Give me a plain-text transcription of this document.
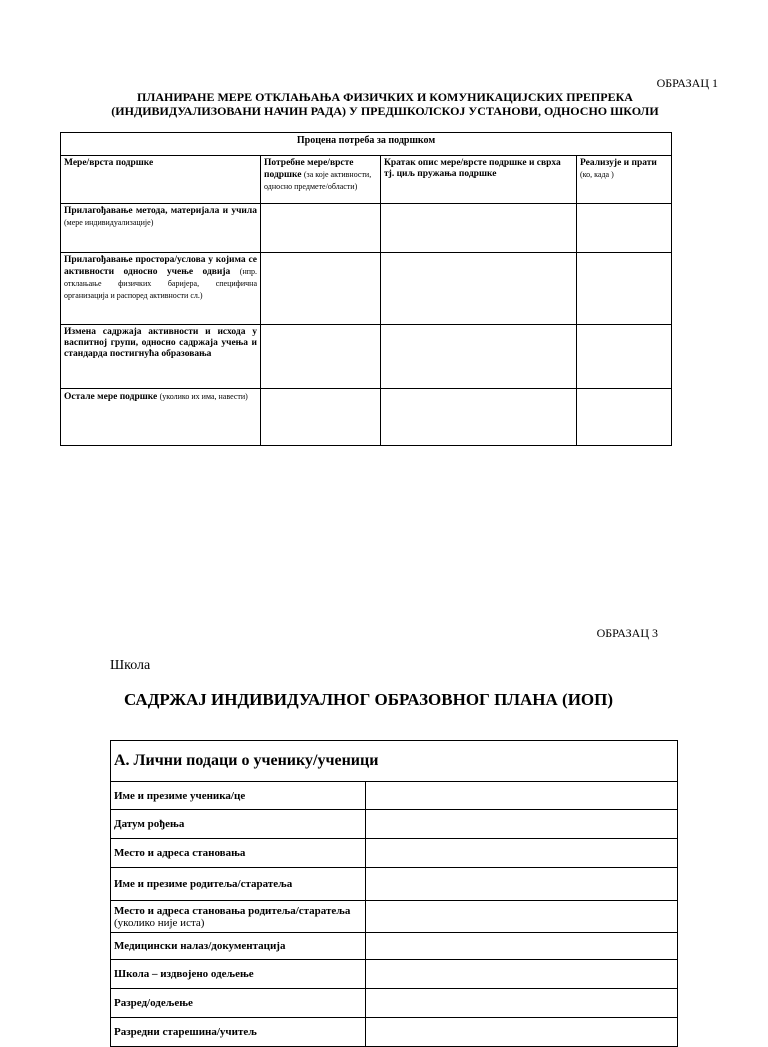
ОБРАЗАЦ 1
ПЛАНИРАНЕ МЕРЕ ОТКЛАЊАЊА ФИЗИЧКИХ И КОМУНИКАЦИЈСКИХ ПРЕПРЕКА
(ИНДИВИДУАЛИЗОВАНИ НАЧИН РАДА) У ПРЕДШКОЛСКОЈ УСТАНОВИ, ОДНОСНО ШКОЛИ
Процена потреба за подршком			
Мере/врста подршке	Потребне мере/врсте подршке (за које активности, односно предмете/области)	Кратак опис мере/врсте подршке и сврха тј. циљ пружања подршке	Реализује и прати (ко, када )
Прилагођавање метода, материјала и учила (мере индивидуализације)			
Прилагођавање простора/услова у којима се активности односно учење одвија (нпр. отклањање физичких баријера, специфична организација и распоред активности сл.)			
Измена садржаја активности и исхода у васпитној групи, односно садржаја учења и стандарда постигнућа образовања			
Остале мере подршке (уколико их има, навести)			
ОБРАЗАЦ 3
Школа
САДРЖАЈ ИНДИВИДУАЛНОГ ОБРАЗОВНОГ ПЛАНА (ИОП)
А. Лични подаци о ученику/ученици	
Име и презиме ученика/це	
Датум рођења	
Место и адреса становања	
Име и презиме родитеља/старатеља	
Место и адреса становања родитеља/старатеља (уколико није иста)	
Медицински налаз/документација	
Школа – издвојено одељење	
Разред/одељење	
Разредни старешина/учитељ	
